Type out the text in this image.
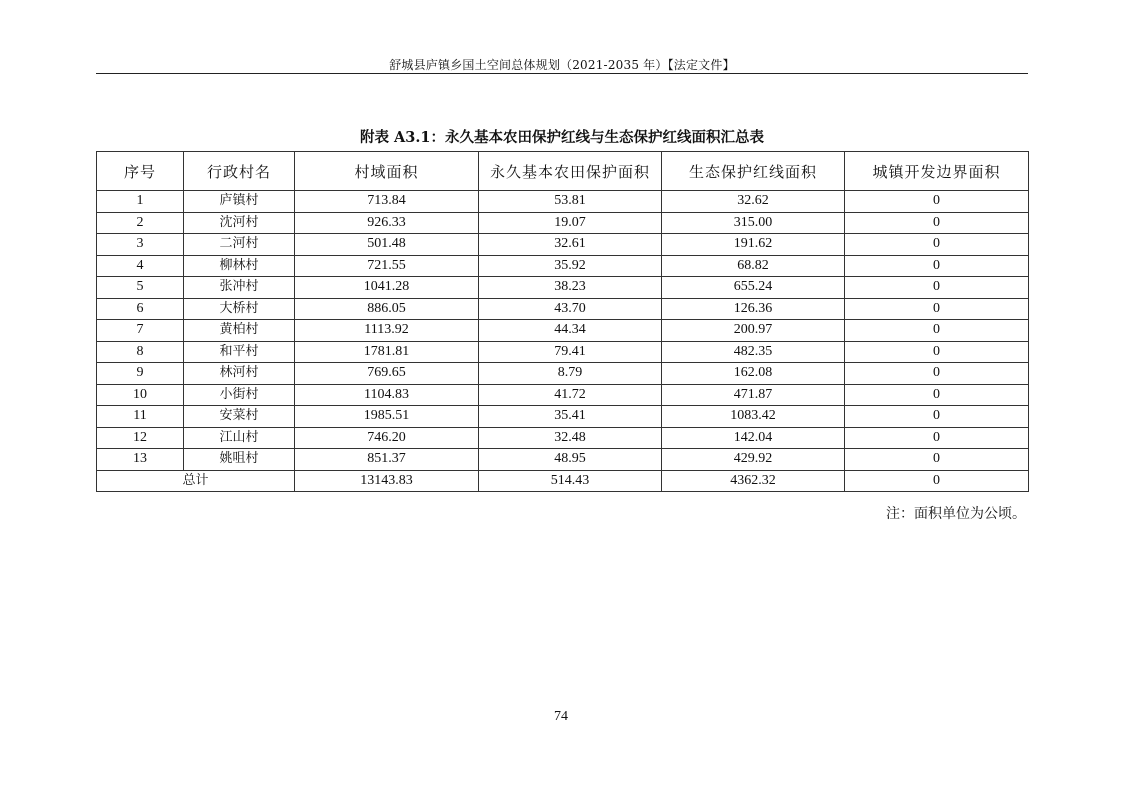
舒城县庐镇乡国土空间总体规划（2021-2035 年）【法定文件】
附表 A3.1：永久基本农田保护红线与生态保护红线面积汇总表
序号	行政村名	村域面积	永久基本农田保护面积	生态保护红线面积	城镇开发边界面积
1	庐镇村	713.84	53.81	32.62	0
2	沈河村	926.33	19.07	315.00	0
3	二河村	501.48	32.61	191.62	0
4	柳林村	721.55	35.92	68.82	0
5	张冲村	1041.28	38.23	655.24	0
6	大桥村	886.05	43.70	126.36	0
7	黄柏村	1113.92	44.34	200.97	0
8	和平村	1781.81	79.41	482.35	0
9	林河村	769.65	8.79	162.08	0
10	小街村	1104.83	41.72	471.87	0
11	安菜村	1985.51	35.41	1083.42	0
12	江山村	746.20	32.48	142.04	0
13	姚咀村	851.37	48.95	429.92	0
总计		13143.83	514.43	4362.32	0
注：面积单位为公顷。
74
